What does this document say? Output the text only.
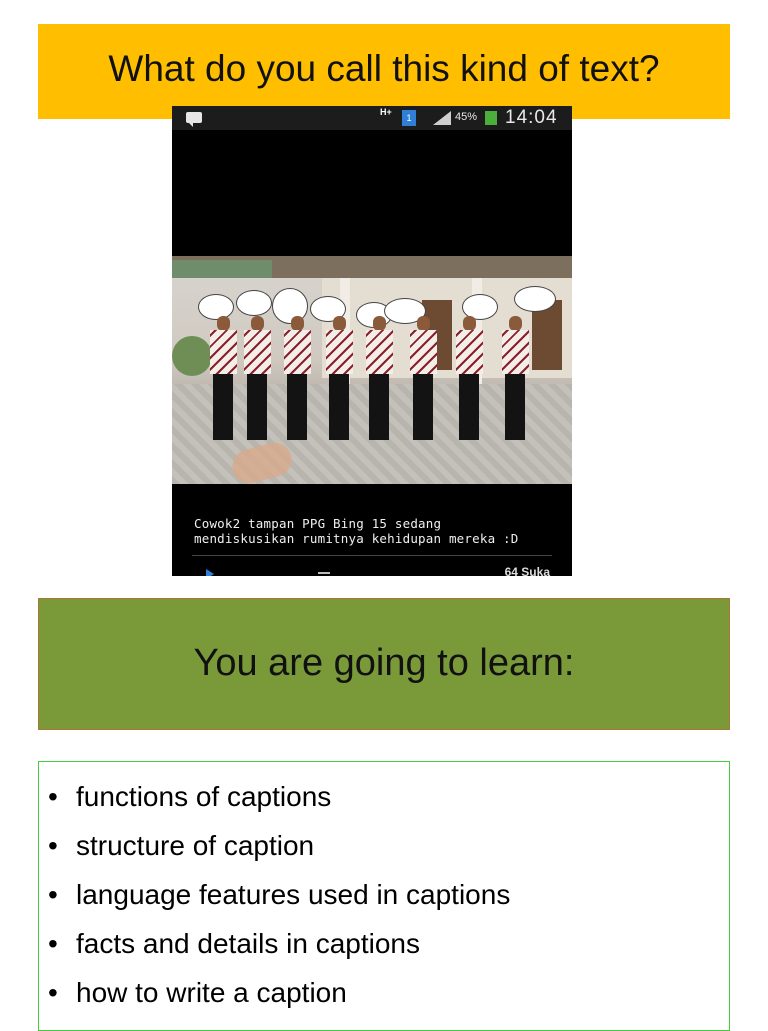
What do you call this kind of text?
H+
1	45% 14:04
Cowok2 tampan PPG Bing 15 sedang
mendiskusikan rumitnya kehidupan mereka :D
64 Suka
You are going to learn:
• functions of captions
• structure of caption
• language features used in captions
• facts and details in captions
• how to write a caption
